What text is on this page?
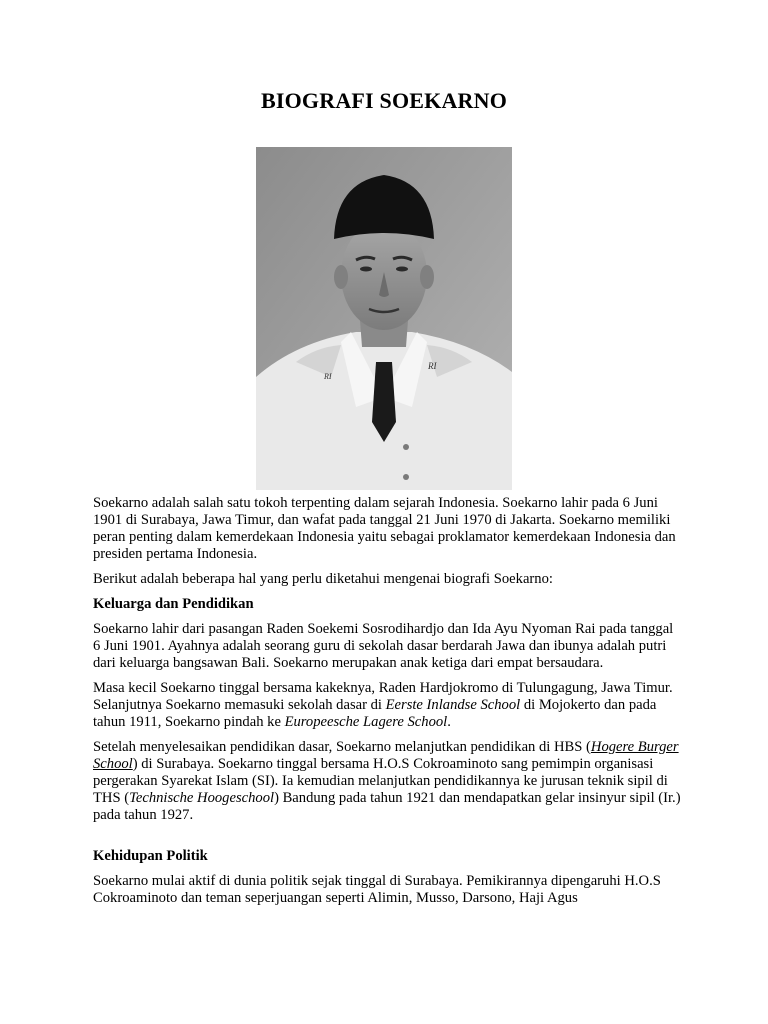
BIOGRAFI SOEKARNO
RI
RI

Soekarno adalah salah satu tokoh terpenting dalam sejarah Indonesia. Soekarno lahir pada 6 Juni 1901 di Surabaya, Jawa Timur, dan wafat pada tanggal 21 Juni 1970 di Jakarta. Soekarno memiliki peran penting dalam kemerdekaan Indonesia yaitu sebagai proklamator kemerdekaan Indonesia dan presiden pertama Indonesia.

Berikut adalah beberapa hal yang perlu diketahui mengenai biografi Soekarno:

Keluarga dan Pendidikan

Soekarno lahir dari pasangan Raden Soekemi Sosrodihardjo dan Ida Ayu Nyoman Rai pada tanggal 6 Juni 1901. Ayahnya adalah seorang guru di sekolah dasar berdarah Jawa dan ibunya adalah putri dari keluarga bangsawan Bali. Soekarno merupakan anak ketiga dari empat bersaudara.

Masa kecil Soekarno tinggal bersama kakeknya, Raden Hardjokromo di Tulungagung, Jawa Timur. Selanjutnya Soekarno memasuki sekolah dasar di Eerste Inlandse School di Mojokerto dan pada tahun 1911, Soekarno pindah ke Europeesche Lagere School.

Setelah menyelesaikan pendidikan dasar, Soekarno melanjutkan pendidikan di HBS (Hogere Burger School) di Surabaya. Soekarno tinggal bersama H.O.S Cokroaminoto sang pemimpin organisasi pergerakan Syarekat Islam (SI). Ia kemudian melanjutkan pendidikannya ke jurusan teknik sipil di THS (Technische Hoogeschool) Bandung pada tahun 1921 dan mendapatkan gelar insinyur sipil (Ir.) pada tahun 1927.

Kehidupan Politik

Soekarno mulai aktif di dunia politik sejak tinggal di Surabaya. Pemikirannya dipengaruhi H.O.S Cokroaminoto dan teman seperjuangan seperti Alimin, Musso, Darsono, Haji Agus
